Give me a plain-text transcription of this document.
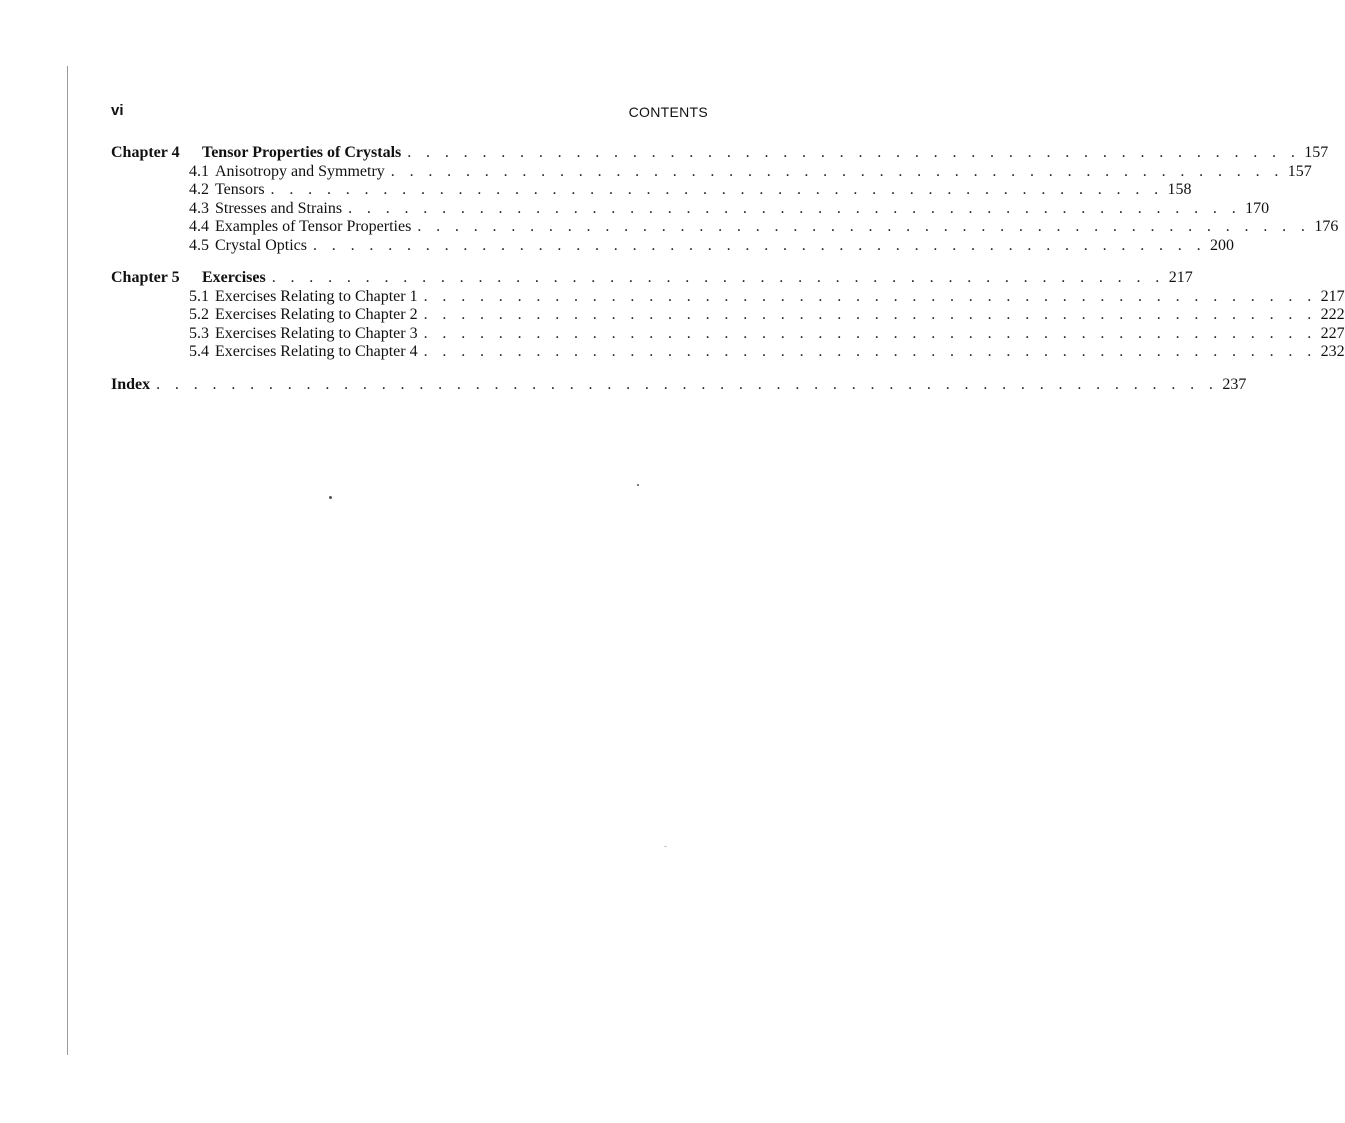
vi	CONTENTS
Chapter 4 Tensor Properties of Crystals . . . . . . . . . . . . . . . . . . . . . . . . . . . . . . . . . . . . . . . . . . . . . . . . 157
4.1 Anisotropy and Symmetry . . . . . . . . . . . . . . . . . . . . . . . . . . . . . . . . . . . . . . . . . . . . . . . . 157
4.2 Tensors . . . . . . . . . . . . . . . . . . . . . . . . . . . . . . . . . . . . . . . . . . . . . . . . 158
4.3 Stresses and Strains . . . . . . . . . . . . . . . . . . . . . . . . . . . . . . . . . . . . . . . . . . . . . . . . 170
4.4 Examples of Tensor Properties . . . . . . . . . . . . . . . . . . . . . . . . . . . . . . . . . . . . . . . . . . . . . . . . 176
4.5 Crystal Optics . . . . . . . . . . . . . . . . . . . . . . . . . . . . . . . . . . . . . . . . . . . . . . . . 200
Chapter 5 Exercises . . . . . . . . . . . . . . . . . . . . . . . . . . . . . . . . . . . . . . . . . . . . . . . . 217
5.1 Exercises Relating to Chapter 1 . . . . . . . . . . . . . . . . . . . . . . . . . . . . . . . . . . . . . . . . . . . . . . . . 217
5.2 Exercises Relating to Chapter 2 . . . . . . . . . . . . . . . . . . . . . . . . . . . . . . . . . . . . . . . . . . . . . . . . 222
5.3 Exercises Relating to Chapter 3 . . . . . . . . . . . . . . . . . . . . . . . . . . . . . . . . . . . . . . . . . . . . . . . . 227
5.4 Exercises Relating to Chapter 4 . . . . . . . . . . . . . . . . . . . . . . . . . . . . . . . . . . . . . . . . . . . . . . . . 232
Index . . . . . . . . . . . . . . . . . . . . . . . . . . . . . . . . . . . . . . . . . . . . . . . . . . . . . . . . . 237
